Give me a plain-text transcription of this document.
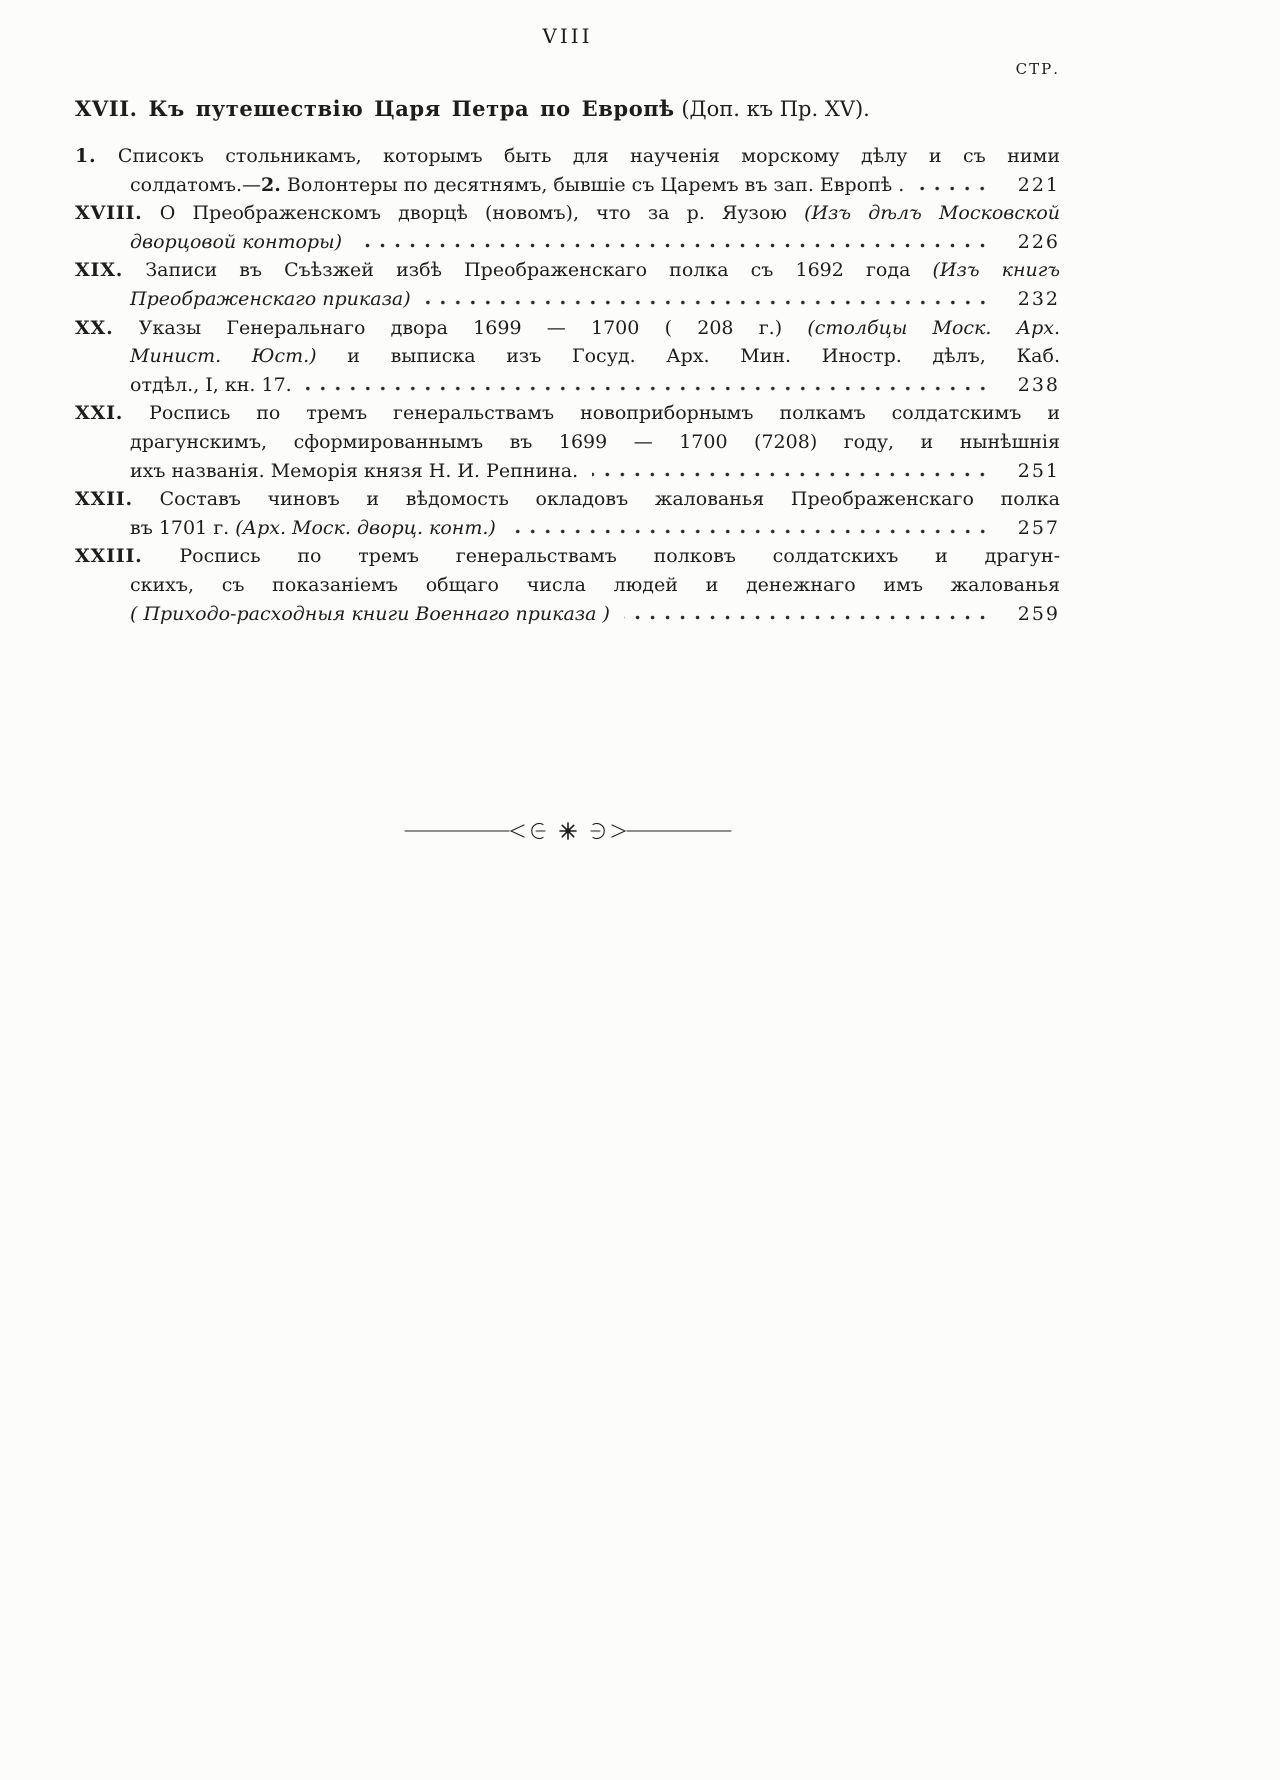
VIII
СТР.
XVII. Къ путешествію Царя Петра по Европѣ (Доп. къ Пр. XV).
1. Списокъ стольникамъ, которымъ быть для наученія морскому дѣлу и съ ними
солдатомъ.—2. Волонтеры по десятнямъ, бывшіе съ Царемъ въ зап. Европѣ .	221
XVIII. О Преображенскомъ дворцѣ (новомъ), что за р. Яузою (Изъ дѣлъ Московской
дворцовой конторы)	226
XIX. Записи въ Съѣзжей избѣ Преображенскаго полка съ 1692 года (Изъ книгъ
Преображенскаго приказа)	232
XX. Указы Генеральнаго двора 1699 — 1700 ( 208 г.) (столбцы Моск. Арх.
Минист. Юст.) и выписка изъ Госуд. Арх. Мин. Иностр. дѣлъ, Каб.
отдѣл., I, кн. 17.	238
XXI. Роспись по тремъ генеральствамъ новоприборнымъ полкамъ солдатскимъ и
драгунскимъ, сформированнымъ въ 1699 — 1700 (7208) году, и нынѣшнія
ихъ названія. Меморія князя Н. И. Репнина.	251
XXII. Составъ чиновъ и вѣдомость окладовъ жалованья Преображенскаго полка
въ 1701 г. (Арх. Моск. дворц. конт.)	257
XXIII. Роспись по тремъ генеральствамъ полковъ солдатскихъ и драгун-
скихъ, съ показаніемъ общаго числа людей и денежнаго имъ жалованья
( Приходо-расходныя книги Военнаго приказа )	259
